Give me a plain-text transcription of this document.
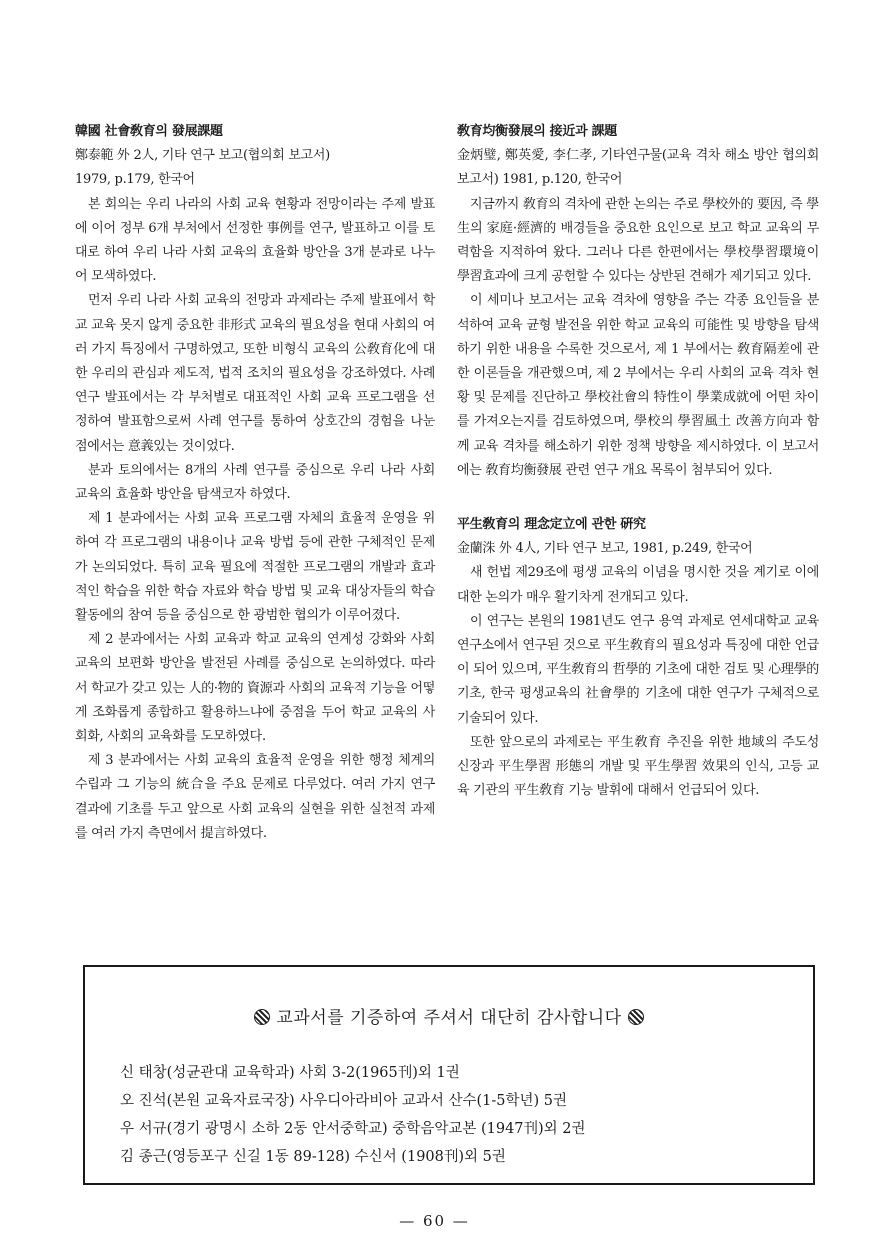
韓國 社會敎育의 發展課題

鄭泰範 外 2人, 기타 연구 보고(협의회 보고서)

1979, p.179, 한국어

본 회의는 우리 나라의 사회 교육 현황과 전망이라는 주제 발표에 이어 정부 6개 부처에서 선정한 事例를 연구, 발표하고 이를 토대로 하여 우리 나라 사회 교육의 효율화 방안을 3개 분과로 나누어 모색하였다.

먼저 우리 나라 사회 교육의 전망과 과제라는 주제 발표에서 학교 교육 못지 않게 중요한 非形式 교육의 필요성을 현대 사회의 여러 가지 특징에서 구명하였고, 또한 비형식 교육의 公敎育化에 대한 우리의 관심과 제도적, 법적 조치의 필요성을 강조하였다. 사례 연구 발표에서는 각 부처별로 대표적인 사회 교육 프로그램을 선정하여 발표함으로써 사례 연구를 통하여 상호간의 경험을 나눈 점에서는 意義있는 것이었다.

분과 토의에서는 8개의 사례 연구를 중심으로 우리 나라 사회 교육의 효율화 방안을 탐색코자 하였다.

제 1 분과에서는 사회 교육 프로그램 자체의 효율적 운영을 위하여 각 프로그램의 내용이나 교육 방법 등에 관한 구체적인 문제가 논의되었다. 특히 교육 필요에 적절한 프로그램의 개발과 효과적인 학습을 위한 학습 자료와 학습 방법 및 교육 대상자들의 학습 활동에의 참여 등을 중심으로 한 광범한 협의가 이루어졌다.

제 2 분과에서는 사회 교육과 학교 교육의 연계성 강화와 사회 교육의 보편화 방안을 발전된 사례를 중심으로 논의하였다. 따라서 학교가 갖고 있는 人的·物的 資源과 사회의 교육적 기능을 어떻게 조화롭게 종합하고 활용하느냐에 중점을 두어 학교 교육의 사회화, 사회의 교육화를 도모하였다.

제 3 분과에서는 사회 교육의 효율적 운영을 위한 행정 체계의 수립과 그 기능의 統合을 주요 문제로 다루었다. 여러 가지 연구 결과에 기초를 두고 앞으로 사회 교육의 실현을 위한 실천적 과제를 여러 가지 측면에서 提言하였다.

敎育均衡發展의 接近과 課題

金炳璧, 鄭英愛, 李仁孝, 기타연구물(교육 격차 해소 방안 협의회 보고서) 1981, p.120, 한국어

지금까지 敎育의 격차에 관한 논의는 주로 學校外的 要因, 즉 學生의 家庭·經濟的 배경들을 중요한 요인으로 보고 학교 교육의 무력함을 지적하여 왔다. 그러나 다른 한편에서는 學校學習環境이 學習효과에 크게 공헌할 수 있다는 상반된 견해가 제기되고 있다.

이 세미나 보고서는 교육 격차에 영향을 주는 각종 요인들을 분석하여 교육 균형 발전을 위한 학교 교육의 可能性 및 방향을 탐색하기 위한 내용을 수록한 것으로서, 제 1 부에서는 敎育隔差에 관한 이론들을 개관했으며, 제 2 부에서는 우리 사회의 교육 격차 현황 및 문제를 진단하고 學校社會의 特性이 學業成就에 어떤 차이를 가져오는지를 검토하였으며, 學校의 學習風土 改善方向과 함께 교육 격차를 해소하기 위한 정책 방향을 제시하였다. 이 보고서에는 敎育均衡發展 관련 연구 개요 목록이 첨부되어 있다.

平生敎育의 理念定立에 관한 硏究

金蘭洙 外 4人, 기타 연구 보고, 1981, p.249, 한국어

새 헌법 제29조에 평생 교육의 이념을 명시한 것을 계기로 이에 대한 논의가 매우 활기차게 전개되고 있다.

이 연구는 본원의 1981년도 연구 용역 과제로 연세대학교 교육연구소에서 연구된 것으로 平生敎育의 필요성과 특징에 대한 언급이 되어 있으며, 平生敎育의 哲學的 기초에 대한 검토 및 心理學的 기초, 한국 평생교육의 社會學的 기초에 대한 연구가 구체적으로 기술되어 있다.

또한 앞으로의 과제로는 平生敎育 추진을 위한 地域의 주도성 신장과 平生學習 形態의 개발 및 平生學習 效果의 인식, 고등 교육 기관의 平生敎育 기능 발휘에 대해서 언급되어 있다.

교과서를 기증하여 주셔서 대단히 감사합니다
신 태창(성균관대 교육학과) 사회 3-2(1965刊)외 1권
오 진석(본원 교육자료국장) 사우디아라비아 교과서 산수(1-5학년) 5권
우 서규(경기 광명시 소하 2동 안서중학교) 중학음악교본 (1947刊)외 2권
김 종근(영등포구 신길 1동 89-128) 수신서 (1908刊)외 5권
— 60 —
